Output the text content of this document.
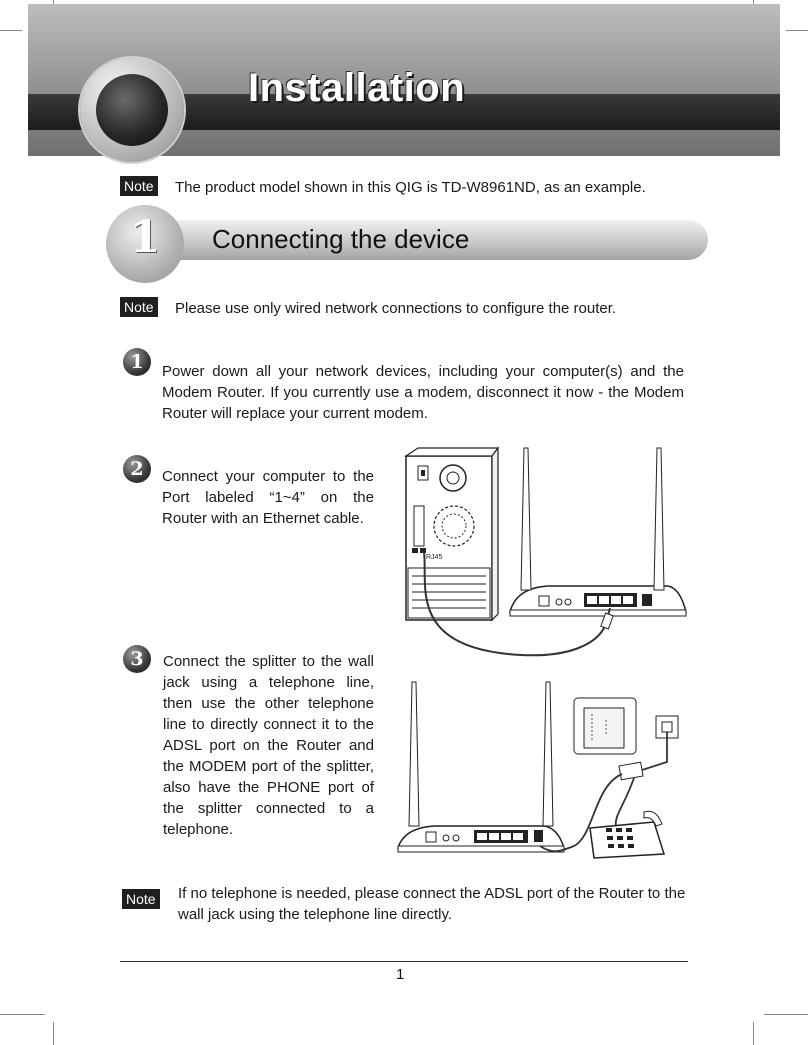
Installation
Note The product model shown in this QIG is TD-W8961ND, as an example.
1	Connecting the device
Note Please use only wired network connections to configure the router.
1	Power down all your network devices, including your computer(s) and the Modem Router. If you currently use a modem, disconnect it now - the Modem Router will replace your current modem.
2	Connect your computer to the Port labeled “1~4” on the Router with an Ethernet cable.
RJ45
3	Connect the splitter to the wall jack using a telephone line, then use the other telephone line to directly connect it to the ADSL port on the Router and the MODEM port of the splitter, also have the PHONE port of the splitter connected to a telephone.
Note If no telephone is needed, please connect the ADSL port of the Router to the wall jack using the telephone line directly.
1
